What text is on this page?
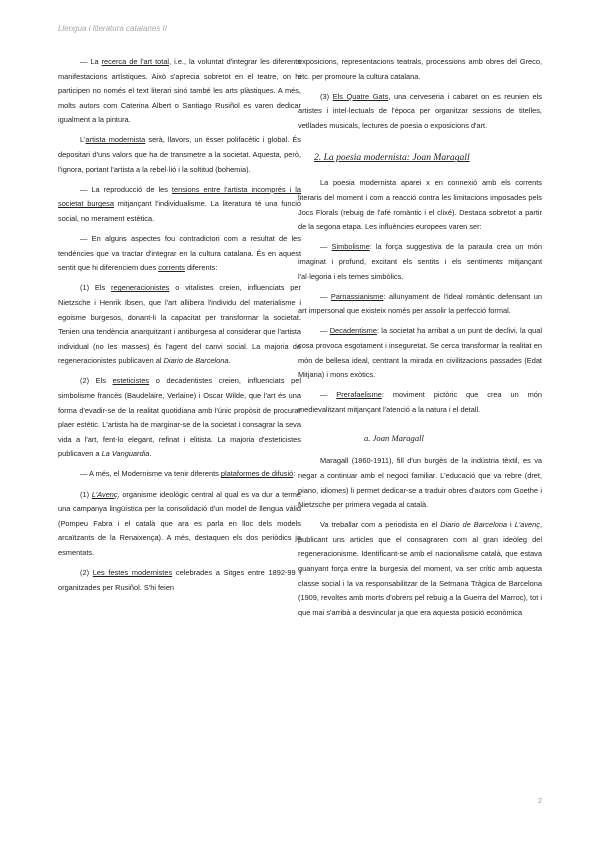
Llengua i literatura catalanes II

— La recerca de l'art total, i.e., la voluntat d'integrar les diferents manifestacions artístiques. Això s'aprecia sobretot en el teatre, on hi participen no només el text literari sinó també les arts plàstiques. A més, molts autors com Caterina Albert o Santiago Rusiñol es varen dedicar igualment a la pintura.

L'artista modernista serà, llavors, un ésser polifacètic i global. És depositari d'uns valors que ha de transmetre a la societat. Aquesta, però, l'ignora, portant l'artista a la rebel·lió i la soltitud (bohemia).

— La reproducció de les tensions entre l'artista incomprés i la societat burgesa mitjançant l'individualisme. La literatura té una funció social, no merament estètica.

— En alguns aspectes fou contradictori com a resultat de les tendències que va tractar d'integrar en la cultura catalana. És en aquest sentit que hi diferenciem dues corrents diferents:

(1) Els regeneracionistes o vitalistes creien, influenciats per Nietzsche i Henrik Ibsen, que l'art allibera l'individu del materialisme i egoisme burgesos, donant-li la capacitat per transformar la societat. Tenien una tendència anarquitzant i antiburgesa al considerar que l'artista individual (no les masses) és l'agent del canvi social. La majoria de regeneracionistes publicaven al Diario de Barcelona.

(2) Els esteticistes o decadentistes creien, influenciats pel simbolisme francès (Baudelaire, Verlaine) i Oscar Wilde, que l'art és una forma d'evadir-se de la realitat quotidiana amb l'únic propòsit de procurar plaer estètic. L'artista ha de marginar-se de la societat i consagrar la seva vida a l'art, fent-lo elegant, refinat i elitista. La majoria d'esteticistes publicaven a La Vanguardia.

— A més, el Modernisme va tenir diferents plataformes de difusió:

(1) L'Avenç, organisme ideològic central al qual es va dur a terme una campanya lingüística per la consolidació d'un model de llengua vàlid (Pompeu Fabra i el català que ara es parla en lloc dels models arcaïtzants de la Renaixença). A més, destaquen els dos periòdics ja esmentats.

(2) Les festes modernistes celebrades a Sitges entre 1892-99 i organitzades per Rusiñol. S'hi feien

exposicions, representacions teatrals, processions amb obres del Greco, etc. per promoure la cultura catalana.

(3) Els Quatre Gats, una cerveseria i cabaret on es reunien els artistes i intel·lectuals de l'època per organitzar sessions de titelles, vetllades musicals, lectures de poesia o exposicions d'art.

2. La poesia modernista: Joan Maragall

La poesia modernista aparei x en connexió amb els corrents literaris del moment i com a reacció contra les limitacions imposades pels Jocs Florals (rebuig de l'afé romàntic i el clixé). Destaca sobretot a partir de la segona etapa. Les influències europees varen ser:

— Simbolisme: la força suggestiva de la paraula crea un món imaginat i profund, excitant els sentits i els sentiments mitjançant l'al·legoria i els temes simbòlics.

— Parnassianisme: allunyament de l'ideal romàntic defensant un art impersonal que existeix només per assolir la perfecció formal.

— Decadentisme: la societat ha arribat a un punt de declivi, la qual cosa provoca esgotament i inseguretat. Se cerca transformar la realitat en món de bellesa ideal, centrant la mirada en civilitzacions passades (Edat Mitjana) i mons exòtics.

— Prerafaelisme: moviment pictòric que crea un món medievalitzant mitjançant l'atenció a la natura i el detall.

a. Joan Maragall

Maragall (1860-1911), fill d'un burgès de la indústria tèxtil, es va negar a continuar amb el negoci familiar. L'educació que va rebre (dret, piano, idiomes) li permet dedicar-se a traduir obres d'autors com Goethe i Nietzsche per primera vegada al català.

Va treballar com a periodista en el Diario de Barcelona i L'avenç, publicant uns articles que el consagraren com al gran ideòleg del regeneracionisme. Identificant-se amb el nacionalisme català, que estava guanyant força entre la burgesia del moment, va ser crític amb aquesta classe social i la va responsabilitzar de la Setmana Tràgica de Barcelona (1909, revoltes amb morts d'obrers pel rebuig a la Guerra del Marroc), tot i que mai s'arribà a desvincular ja que era aquesta posició econòmica

2
